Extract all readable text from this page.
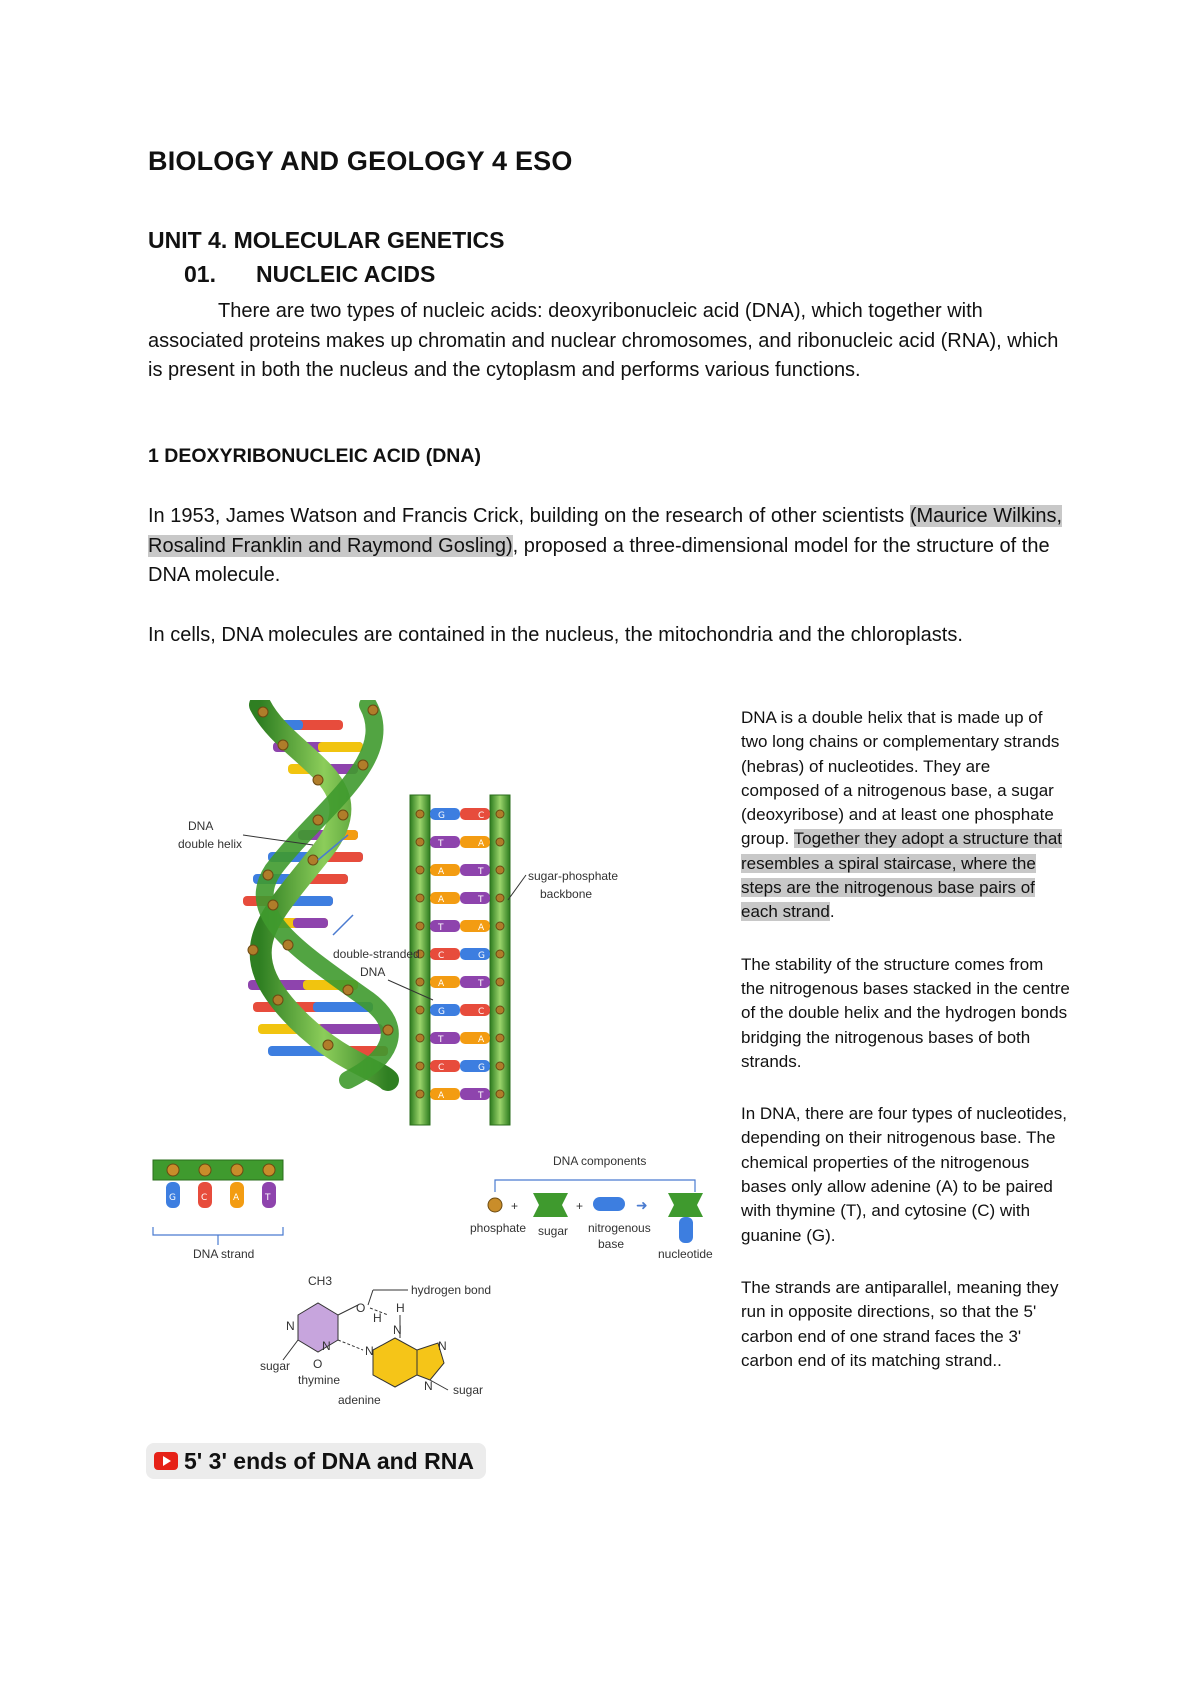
BIOLOGY AND GEOLOGY 4 ESO
UNIT 4. MOLECULAR GENETICS
01. NUCLEIC ACIDS
There are two types of nucleic acids: deoxyribonucleic acid (DNA), which together with associated proteins makes up chromatin and nuclear chromosomes, and ribonucleic acid (RNA), which is present in both the nucleus and the cytoplasm and performs various functions.
1 DEOXYRIBONUCLEIC ACID (DNA)
In 1953, James Watson and Francis Crick, building on the research of other scientists (Maurice Wilkins, Rosalind Franklin and Raymond Gosling), proposed a three-dimensional model for the structure of the DNA molecule.
In cells, DNA molecules are contained in the nucleus, the mitochondria and the chloroplasts.
DNA
double helix
G	C
T	A
A	T
A	T
T	A
C	G
A	T
G	C
T	A
C	G
A	T
sugar-phosphate
backbone
double-stranded
DNA
G	C	A	T
DNA strand
DNA components
+	+	➜
phosphate sugar nitrogenous
base
nucleotide
CH3
hydrogen bond
O
H
H
N
N
N
N	N
N
O
sugar
thymine
adenine
sugar

DNA is a double helix that is made up of two long chains or complementary strands (hebras) of nucleotides. They are composed of a nitrogenous base, a sugar (deoxyribose) and at least one phosphate group. Together they adopt a structure that resembles a spiral staircase, where the steps are the nitrogenous base pairs of each strand.

The stability of the structure comes from the nitrogenous bases stacked in the centre of the double helix and the hydrogen bonds bridging the nitrogenous bases of both strands.

In DNA, there are four types of nucleotides, depending on their nitrogenous base. The chemical properties of the nitrogenous bases only allow adenine (A) to be paired with thymine (T), and cytosine (C) with guanine (G).

The strands are antiparallel, meaning they run in opposite directions, so that the 5' carbon end of one strand faces the 3' carbon end of its matching strand..

5' 3' ends of DNA and RNA
